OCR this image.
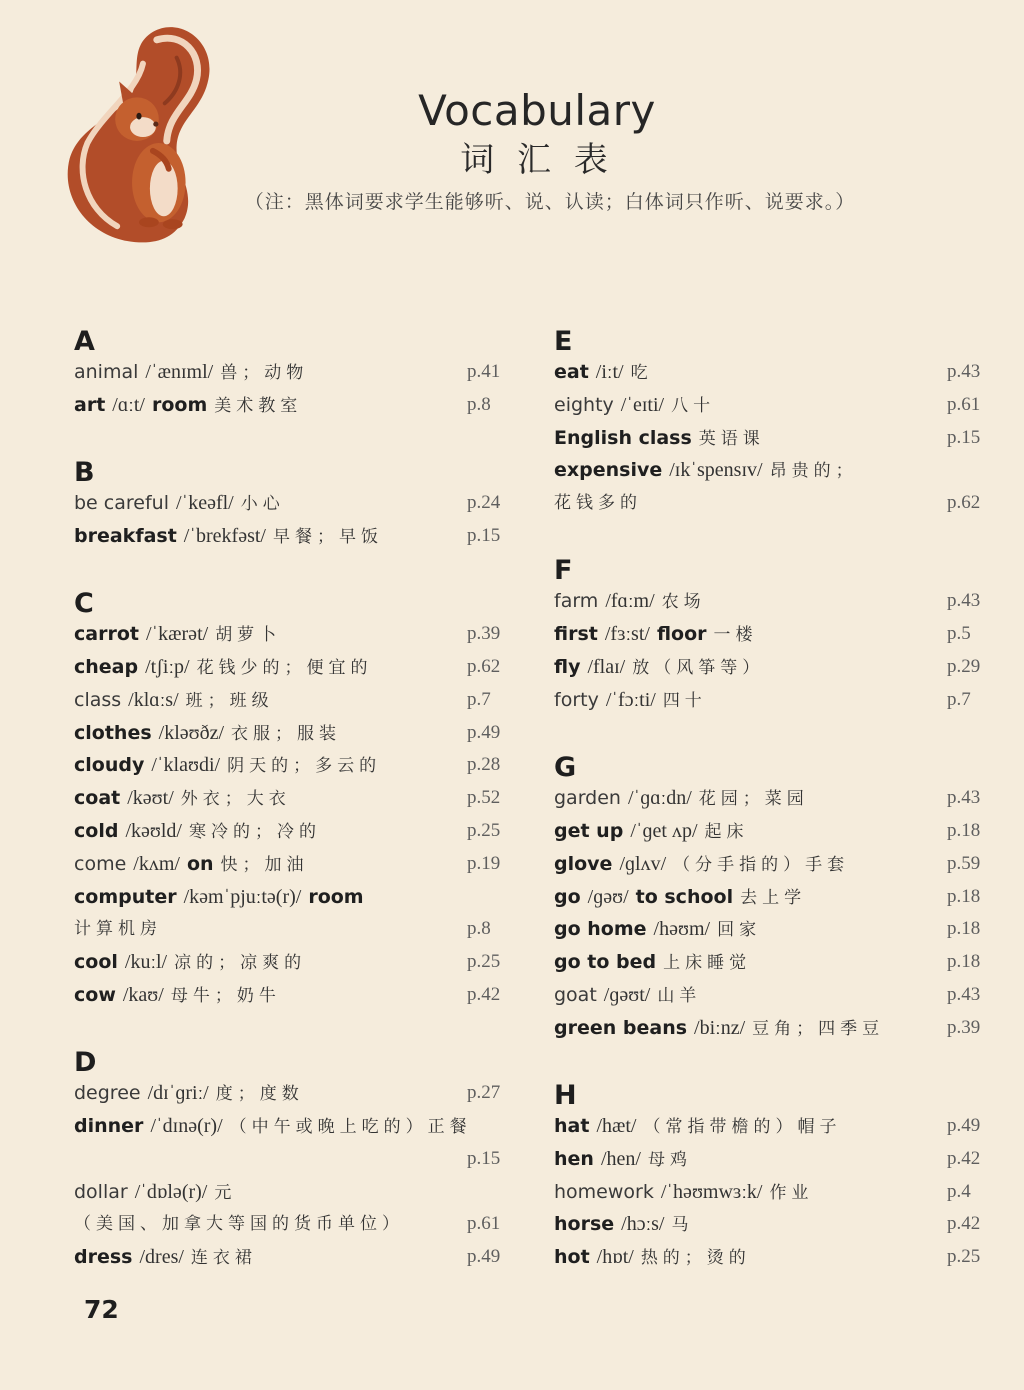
Vocabulary
词 汇 表
（注：黑体词要求学生能够听、说、认读；白体词只作听、说要求。）
A
animal /ˈænɪml/ 兽；动物	p.41
art /ɑːt/ room 美术教室	p.8
B
be careful /ˈkeəfl/ 小心	p.24
breakfast /ˈbrekfəst/ 早餐；早饭	p.15
C
carrot /ˈkærət/ 胡萝卜	p.39
cheap /tʃiːp/ 花钱少的；便宜的	p.62
class /klɑːs/ 班；班级	p.7
clothes /kləʊðz/ 衣服；服装	p.49
cloudy /ˈklaʊdi/ 阴天的；多云的	p.28
coat /kəʊt/ 外衣；大衣	p.52
cold /kəʊld/ 寒冷的；冷的	p.25
come /kʌm/ on 快；加油	p.19
computer /kəmˈpjuːtə(r)/ room
计算机房	p.8
cool /kuːl/ 凉的；凉爽的	p.25
cow /kaʊ/ 母牛；奶牛	p.42
D
degree /dɪˈɡriː/ 度；度数	p.27
dinner /ˈdɪnə(r)/ （中午或晚上吃的）正餐
p.15
dollar /ˈdɒlə(r)/ 元
（美国、加拿大等国的货币单位）	p.61
dress /dres/ 连衣裙	p.49
E
eat /iːt/ 吃	p.43
eighty /ˈeɪti/ 八十	p.61
English class 英语课	p.15
expensive /ɪkˈspensɪv/ 昂贵的；
花钱多的	p.62
F
farm /fɑːm/ 农场	p.43
first /fɜːst/ floor 一楼	p.5
fly /flaɪ/ 放（风筝等）	p.29
forty /ˈfɔːti/ 四十	p.7
G
garden /ˈɡɑːdn/ 花园；菜园	p.43
get up /ˈɡet ʌp/ 起床	p.18
glove /ɡlʌv/ （分手指的）手套	p.59
go /ɡəʊ/ to school 去上学	p.18
go home /həʊm/ 回家	p.18
go to bed 上床睡觉	p.18
goat /ɡəʊt/ 山羊	p.43
green beans /biːnz/ 豆角；四季豆	p.39
H
hat /hæt/ （常指带檐的）帽子	p.49
hen /hen/ 母鸡	p.42
homework /ˈhəʊmwɜːk/ 作业	p.4
horse /hɔːs/ 马	p.42
hot /hɒt/ 热的；烫的	p.25
72
